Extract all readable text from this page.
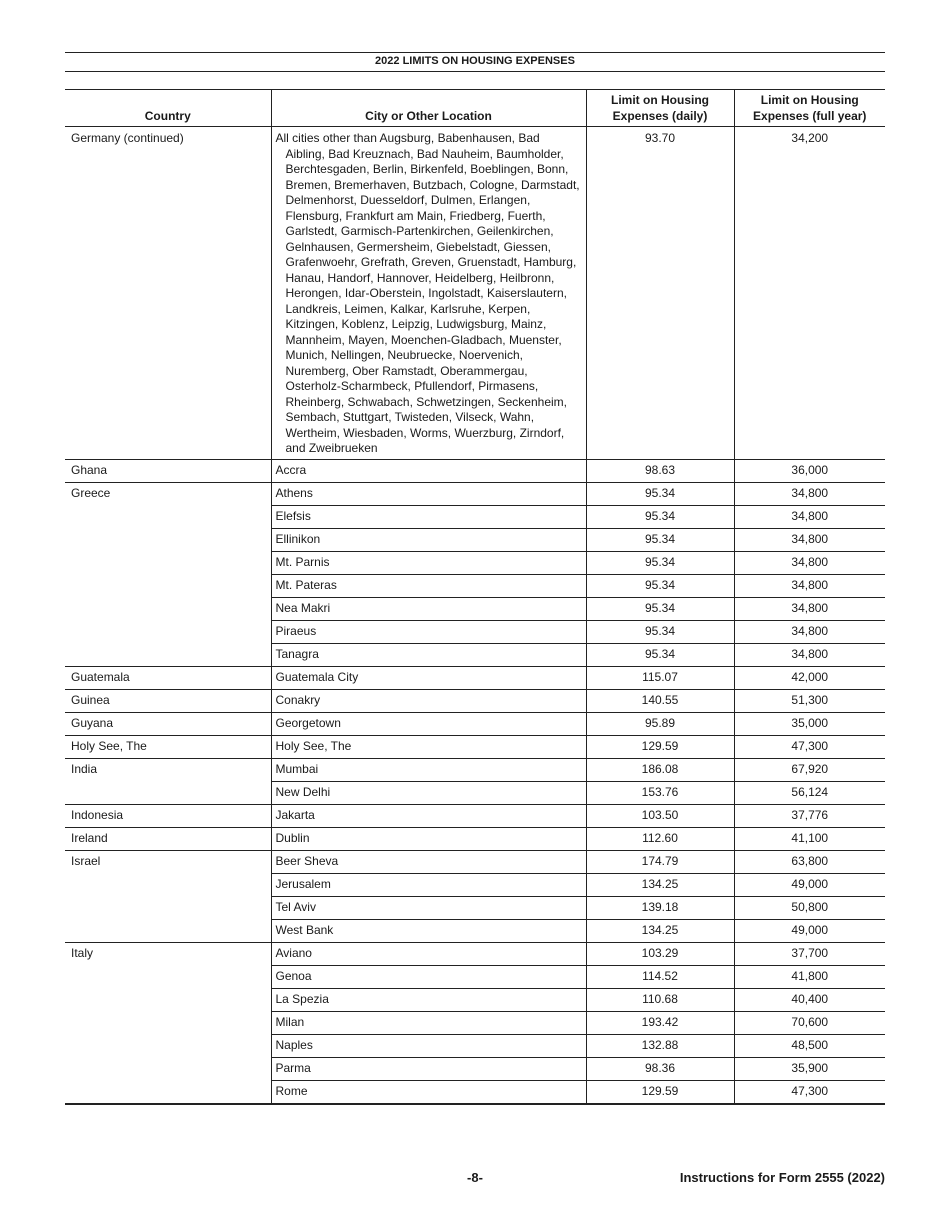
2022 LIMITS ON HOUSING EXPENSES
Country	City or Other Location	Limit on Housing Expenses (daily)	Limit on Housing Expenses (full year)
Germany (continued)	All cities other than Augsburg, Babenhausen, Bad Aibling, Bad Kreuznach, Bad Nauheim, Baumholder, Berchtesgaden, Berlin, Birkenfeld, Boeblingen, Bonn, Bremen, Bremerhaven, Butzbach, Cologne, Darmstadt, Delmenhorst, Duesseldorf, Dulmen, Erlangen, Flensburg, Frankfurt am Main, Friedberg, Fuerth, Garlstedt, Garmisch-Partenkirchen, Geilenkirchen, Gelnhausen, Germersheim, Giebelstadt, Giessen, Grafenwoehr, Grefrath, Greven, Gruenstadt, Hamburg, Hanau, Handorf, Hannover, Heidelberg, Heilbronn, Herongen, Idar-Oberstein, Ingolstadt, Kaiserslautern, Landkreis, Leimen, Kalkar, Karlsruhe, Kerpen, Kitzingen, Koblenz, Leipzig, Ludwigsburg, Mainz, Mannheim, Mayen, Moenchen-Gladbach, Muenster, Munich, Nellingen, Neubruecke, Noervenich, Nuremberg, Ober Ramstadt, Oberammergau, Osterholz-Scharmbeck, Pfullendorf, Pirmasens, Rheinberg, Schwabach, Schwetzingen, Seckenheim, Sembach, Stuttgart, Twisteden, Vilseck, Wahn, Wertheim, Wiesbaden, Worms, Wuerzburg, Zirndorf, and Zweibrueken	93.70	34,200
Ghana	Accra	98.63	36,000
Greece	Athens	95.34	34,800

	Elefsis	95.34	34,800

	Ellinikon	95.34	34,800

	Mt. Parnis	95.34	34,800

	Mt. Pateras	95.34	34,800

	Nea Makri	95.34	34,800

	Piraeus	95.34	34,800

	Tanagra	95.34	34,800
Guatemala	Guatemala City	115.07	42,000
Guinea	Conakry	140.55	51,300
Guyana	Georgetown	95.89	35,000
Holy See, The	Holy See, The	129.59	47,300
India	Mumbai	186.08	67,920

	New Delhi	153.76	56,124
Indonesia	Jakarta	103.50	37,776
Ireland	Dublin	112.60	41,100
Israel	Beer Sheva	174.79	63,800

	Jerusalem	134.25	49,000

	Tel Aviv	139.18	50,800

	West Bank	134.25	49,000
Italy	Aviano	103.29	37,700

	Genoa	114.52	41,800

	La Spezia	110.68	40,400

	Milan	193.42	70,600

	Naples	132.88	48,500

	Parma	98.36	35,900

	Rome	129.59	47,300
-8-	Instructions for Form 2555 (2022)
